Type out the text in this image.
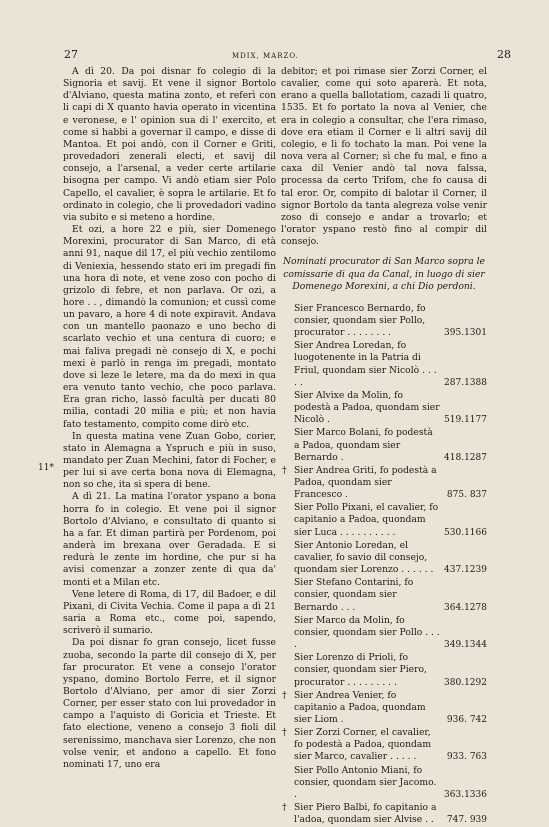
27	MDIX, MARZO.	28
11*

A dì 20. Da poi disnar fo colegio di la Signoria et savij. Et vene il signor Bortolo d'Alviano, questa matina zonto, et referì con li capi di X quanto havia operato in vicentina e veronese, e l' opinion sua di l' exercito, et come si habbi a governar il campo, e disse di Mantoa. Et poi andò, con il Corner e Griti, provedadori zenerali electi, et savij dil consejo, a l'arsenal, a veder certe artilarie bisogna per campo. Vi andò etiam sier Polo Capello, el cavalier, è sopra le artilarie. Et fo ordinato in colegio, che li provedadori vadino via subito e si meteno a hordine.

Et ozi, a hore 22 e più, sier Domenego Morexini, procurator di San Marco, di età anni 91, naque dil 17, el più vechio zentilomo di Veniexia, hessendo stato eri im pregadi fin una hora di note, et vene zoso con pocho di grizolo di febre, et non parlava. Or ozi, a hore . . , dimandò la comunion; et cussì come un pavaro, a hore 4 di note expiravit. Andava con un mantello paonazo e uno becho di scarlato vechio et una centura di cuoro; e mai faliva pregadi nè consejo di X, e pochi mexi è parlò in renga im pregadi, montato dove si leze le letere, ma da do mexi in qua era venuto tanto vechio, che poco parlava. Era gran richo, lassò facultà per ducati 80 milia, contadi 20 milia e più; et non havia fato testamento, compito come dirò etc.

In questa matina vene Zuan Gobo, corier, stato in Alemagna a Yspruch e più in suso, mandato per Zuan Mechini, fator di Focher, e per lui si ave certa bona nova di Elemagna, non so che, ita si spera di bene.

A dì 21. La matina l'orator yspano a bona horra fo in colegio. Et vene poi il signor Bortolo d'Alviano, e consultato di quanto si ha a far. Et diman partirà per Pordenom, poi anderà im brexana over Geradada. E si redurà le zente im hordine, che pur si ha avisi comenzar a zonzer zente di qua da' monti et a Milan etc.

Vene letere di Roma, di 17, dil Badoer, e dil Pixani, di Civita Vechia. Come il papa a dì 21 saria a Roma etc., come poi, sapendo, scriverò il sumario.

Da poi disnar fo gran consejo, licet fusse zuoba, secondo la parte dil consejo di X, per far procurator. Et vene a consejo l'orator yspano, domino Bortolo Ferre, et il signor Bortolo d'Alviano, per amor di sier Zorzi Corner, per esser stato con lui provedador in campo a l'aquisto di Goricia et Trieste. Et fato electione, veneno a consejo 3 fioli dil serenissimo, manchava sier Lorenzo, che non volse venir, et andono a capello. Et fono nominati 17, uno era

debitor; et poi rimase sier Zorzi Corner, el cavalier, come qui soto aparerà. Et nota, erano a quella ballotatiom, cazadi li quatro, 1535. Et fo portato la nova al Venier, che era in colegio a consultar, che l'era rimaso, dove era etiam il Corner e li altri savij dil colegio, e li fo tochato la man. Poi vene la nova vera al Corner; sì che fu mal, e fino a caxa dil Venier andò tal nova falssa, processa da certo Trifom, che fo causa di tal eror. Or, compito di balotar il Corner, il signor Bortolo da tanta alegreza volse venir zoso di consejo e andar a trovarlo; et l'orator yspano restò fino al compir dil consejo.

Nominati procurator di San Marco sopra le comissarie di qua da Canal, in luogo di sier Domenego Morexini, a chi Dio perdoni.

Sier Francesco Bernardo, fo consier, quondam sier Pollo, procurator . . . . . . . .	395.1301
Sier Andrea Loredan, fo luogotenente in la Patria di Friul, quondam sier Nicolò . . . . .	287.1388
Sier Alvixe da Molin, fo podestà a Padoa, quondam sier Nicolò .	519.1177
Sier Marco Bolani, fo podestà a Padoa, quondam sier Bernardo .	418.1287
† Sier Andrea Griti, fo podestà a Padoa, quondam sier Francesco .	875. 837
Sier Pollo Pixani, el cavalier, fo capitanio a Padoa, quondam sier Luca . . . . . . . . . .	530.1166
Sier Antonio Loredan, el cavalier, fo savio dil consejo, quondam sier Lorenzo . . . . . .	437.1239
Sier Stefano Contarini, fo consier, quondam sier Bernardo . . .	364.1278
Sier Marco da Molin, fo consier, quondam sier Pollo . . . .	349.1344
Sier Lorenzo di Prioli, fo consier, quondam sier Piero, procurator . . . . . . . . .	380.1292
† Sier Andrea Venier, fo capitanio a Padoa, quondam sier Liom .	936. 742
† Sier Zorzi Corner, el cavalier, fo podestà a Padoa, quondam sier Marco, cavalier . . . . .	933. 763
Sier Pollo Antonio Miani, fo consier, quondam sier Jacomo. .	363.1336
† Sier Piero Balbi, fo capitanio a l'adoa, quondam sier Alvise . .	747. 939
